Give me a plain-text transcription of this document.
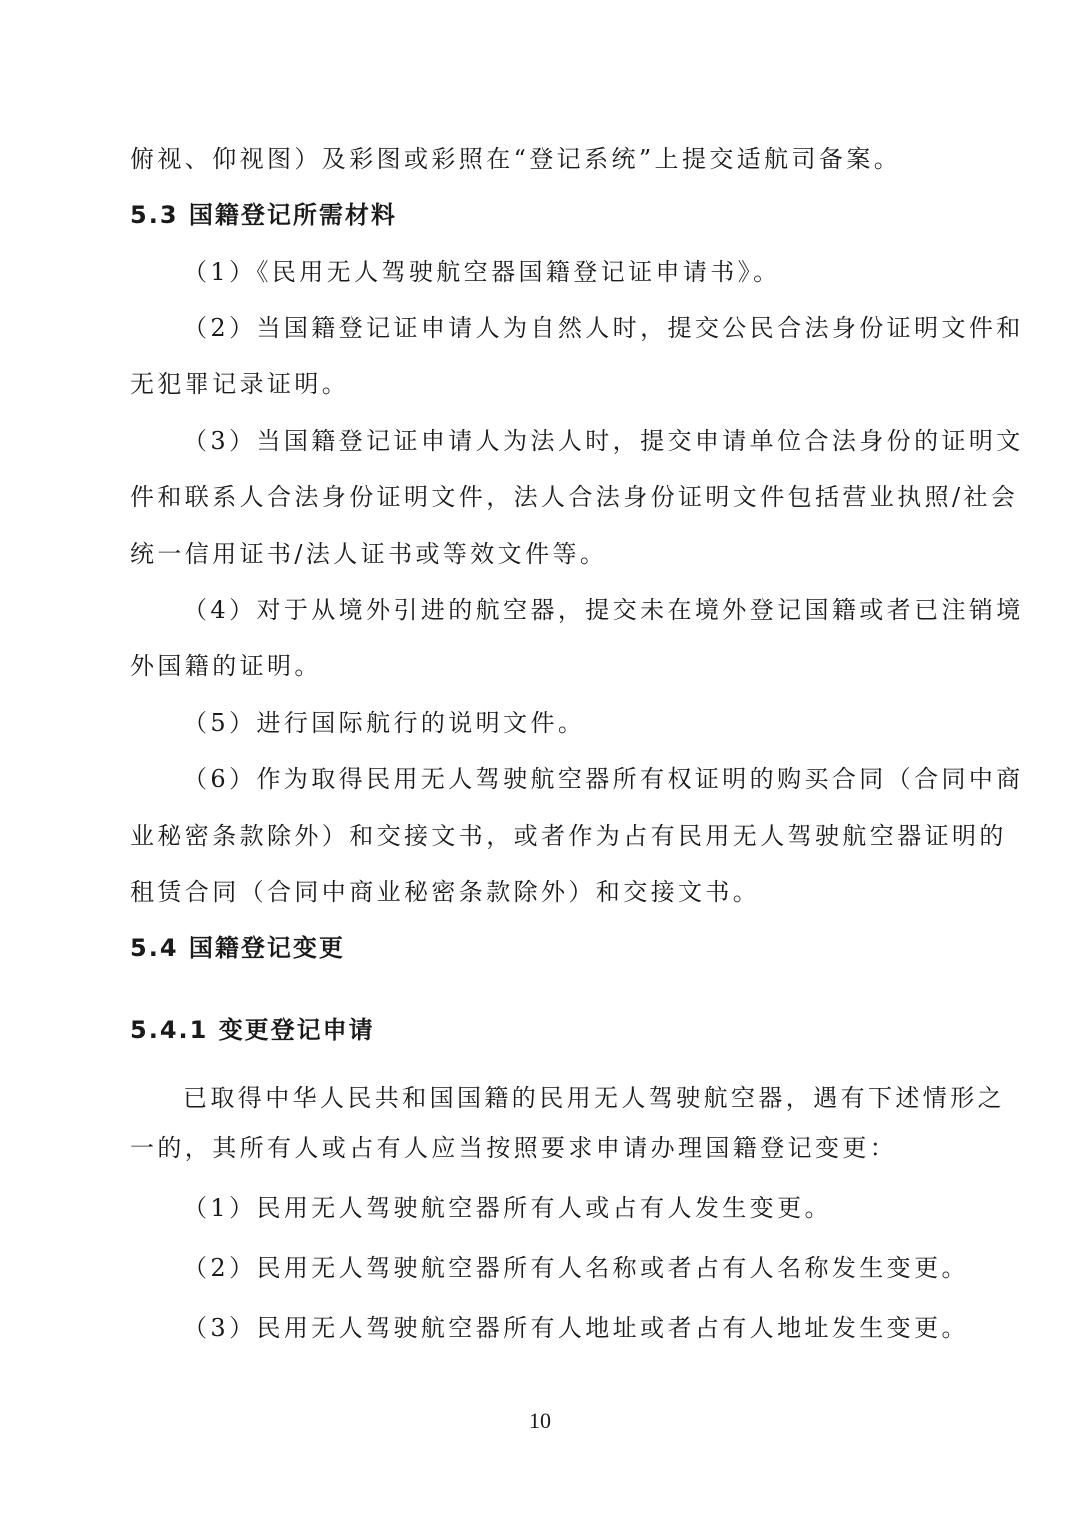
俯视、仰视图）及彩图或彩照在“登记系统”上提交适航司备案。
5.3 国籍登记所需材料
（1）《民用无人驾驶航空器国籍登记证申请书》。
（2）当国籍登记证申请人为自然人时，提交公民合法身份证明文件和
无犯罪记录证明。
（3）当国籍登记证申请人为法人时，提交申请单位合法身份的证明文
件和联系人合法身份证明文件，法人合法身份证明文件包括营业执照/社会
统一信用证书/法人证书或等效文件等。
（4）对于从境外引进的航空器，提交未在境外登记国籍或者已注销境
外国籍的证明。
（5）进行国际航行的说明文件。
（6）作为取得民用无人驾驶航空器所有权证明的购买合同（合同中商
业秘密条款除外）和交接文书，或者作为占有民用无人驾驶航空器证明的
租赁合同（合同中商业秘密条款除外）和交接文书。
5.4 国籍登记变更
5.4.1 变更登记申请
已取得中华人民共和国国籍的民用无人驾驶航空器，遇有下述情形之
一的，其所有人或占有人应当按照要求申请办理国籍登记变更：
（1）民用无人驾驶航空器所有人或占有人发生变更。
（2）民用无人驾驶航空器所有人名称或者占有人名称发生变更。
（3）民用无人驾驶航空器所有人地址或者占有人地址发生变更。
10
